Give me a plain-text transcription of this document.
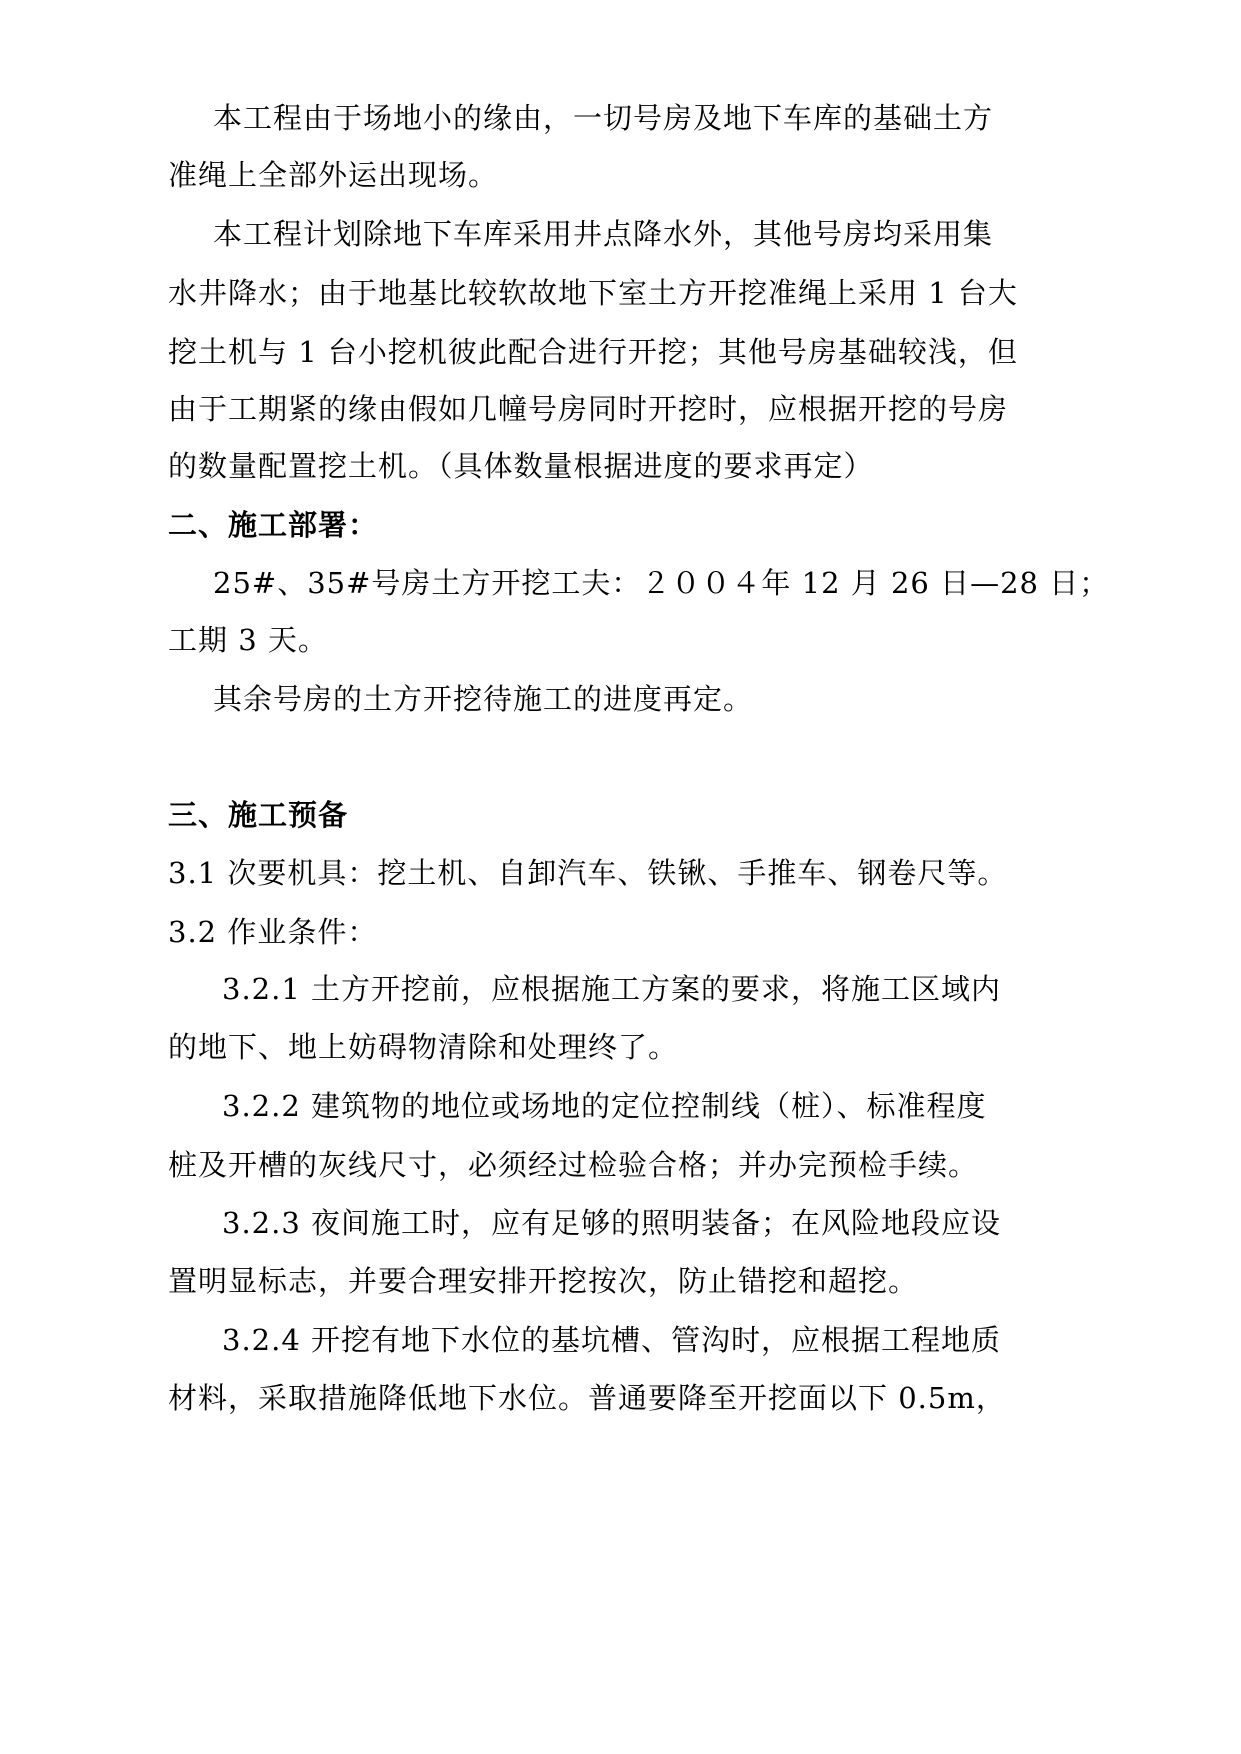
本工程由于场地小的缘由，一切号房及地下车库的基础土方
准绳上全部外运出现场。
本工程计划除地下车库采用井点降水外，其他号房均采用集
水井降水；由于地基比较软故地下室土方开挖准绳上采用 1 台大
挖土机与 1 台小挖机彼此配合进行开挖；其他号房基础较浅，但
由于工期紧的缘由假如几幢号房同时开挖时，应根据开挖的号房
的数量配置挖土机。（具体数量根据进度的要求再定）
二、施工部署：
25#、35#号房土方开挖工夫：２００４年 12 月 26 日—28 日；
工期 3 天。
其余号房的土方开挖待施工的进度再定。
三、施工预备
3.1 次要机具：挖土机、自卸汽车、铁锹、手推车、钢卷尺等。
3.2 作业条件：
3.2.1 土方开挖前，应根据施工方案的要求，将施工区域内
的地下、地上妨碍物清除和处理终了。
3.2.2 建筑物的地位或场地的定位控制线（桩）、标准程度
桩及开槽的灰线尺寸，必须经过检验合格；并办完预检手续。
3.2.3 夜间施工时，应有足够的照明装备；在风险地段应设
置明显标志，并要合理安排开挖按次，防止错挖和超挖。
3.2.4 开挖有地下水位的基坑槽、管沟时，应根据工程地质
材料，采取措施降低地下水位。普通要降至开挖面以下 0.5m，
